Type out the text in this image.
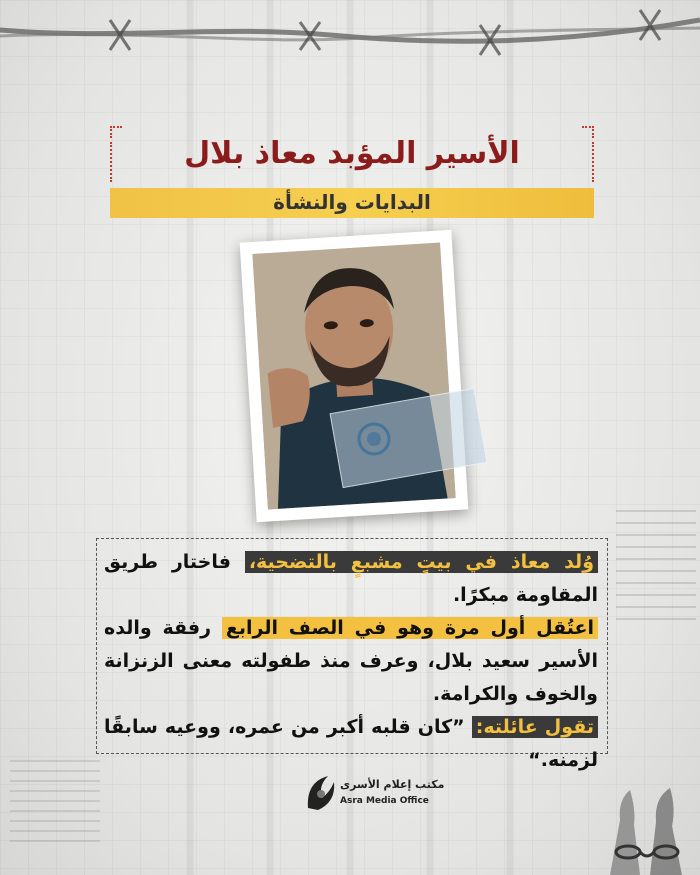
الأسير المؤبد معاذ بلال
البدايات والنشأة
وُلد معاذ في بيتٍ مشبعٍ بالتضحية، فاختار طريق المقاومة مبكرًا.
اعتُقل أول مرة وهو في الصف الرابع رفقة والده الأسير سعيد بلال، وعرف منذ طفولته معنى الزنزانة والخوف والكرامة.
تقول عائلته: ”كان قلبه أكبر من عمره، ووعيه سابقًا لزمنه.“
مكتب إعلام الأسرى
Asra Media Office
